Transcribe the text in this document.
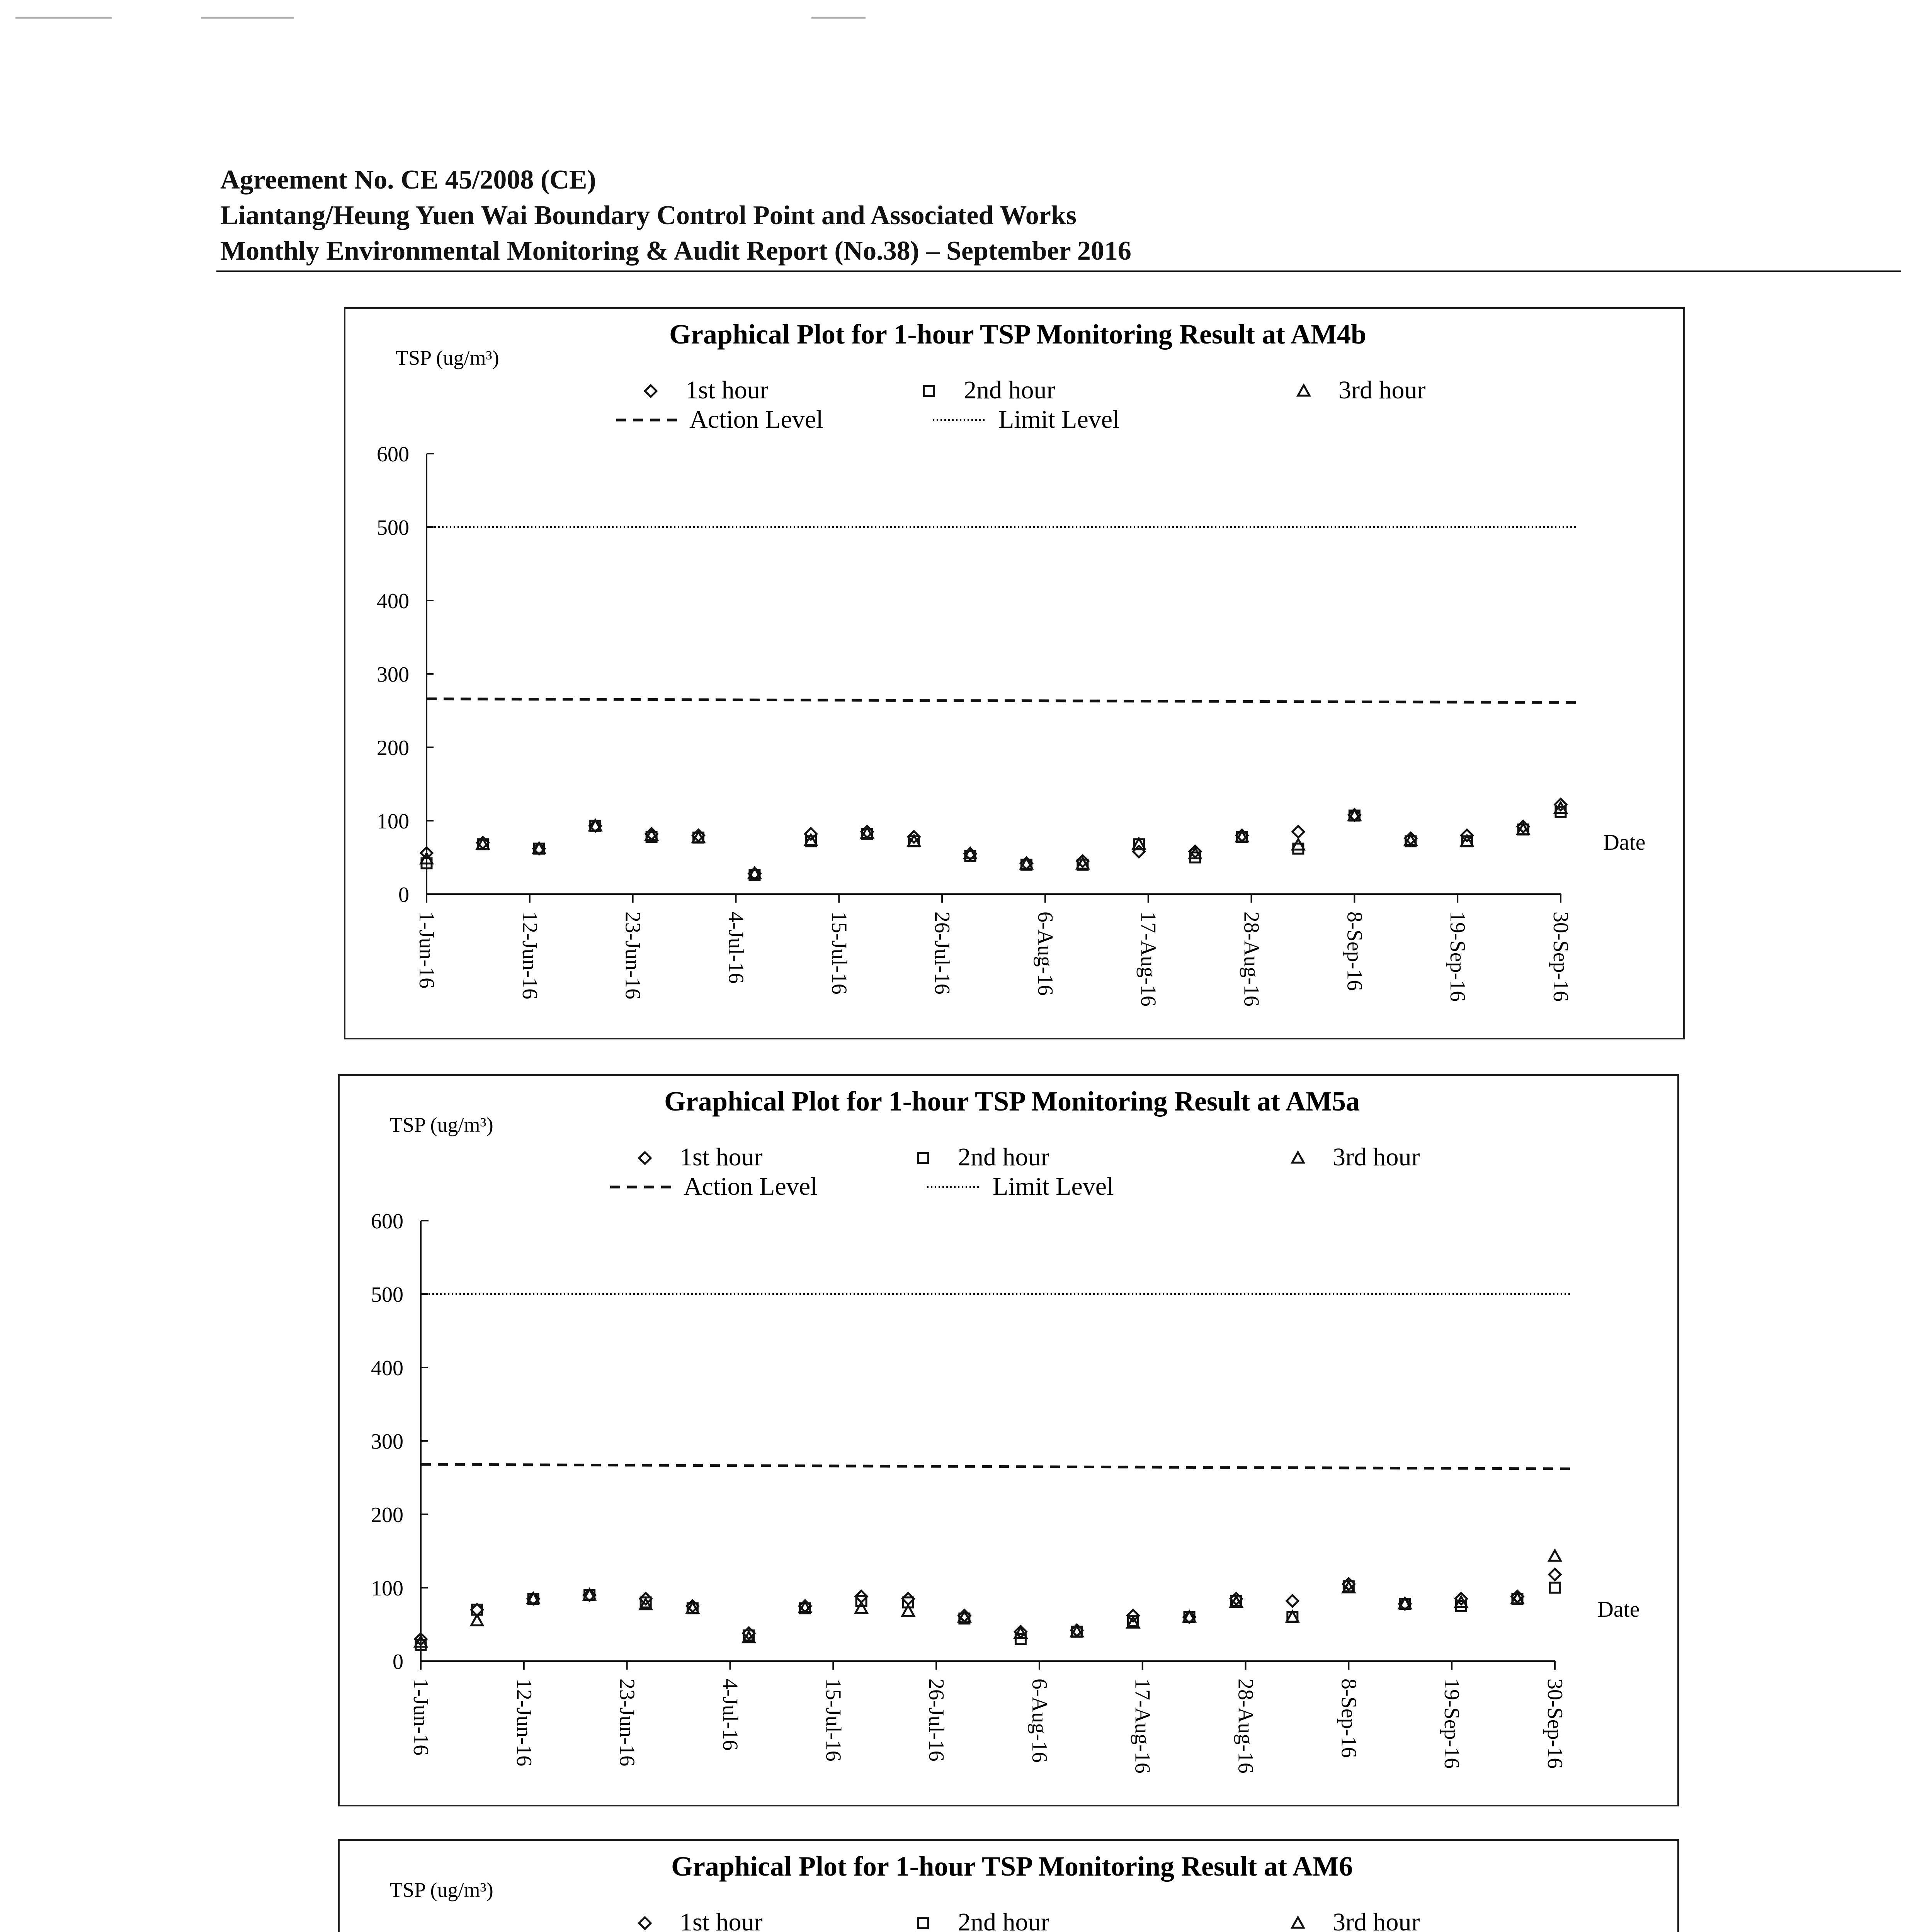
Agreement No. CE 45/2008 (CE)
Liantang/Heung Yuen Wai Boundary Control Point and Associated Works
Monthly Environmental Monitoring & Audit Report (No.38) – September 2016
Graphical Plot for 1-hour TSP Monitoring Result at AM4b
TSP (ug/m³)
1st hour	2nd hour	3rd hour
Action Level	Limit Level
0
100
200
300
400
500
600
1-Jun-16	12-Jun-16	23-Jun-16	4-Jul-16	15-Jul-16	26-Jul-16	6-Aug-16	17-Aug-16	28-Aug-16	8-Sep-16	19-Sep-16	30-Sep-16
Date
Graphical Plot for 1-hour TSP Monitoring Result at AM5a
TSP (ug/m³)
1st hour	2nd hour	3rd hour
Action Level	Limit Level
0
100
200
300
400
500
600
1-Jun-16	12-Jun-16	23-Jun-16	4-Jul-16	15-Jul-16	26-Jul-16	6-Aug-16	17-Aug-16	28-Aug-16	8-Sep-16	19-Sep-16	30-Sep-16
Date
Graphical Plot for 1-hour TSP Monitoring Result at AM6
TSP (ug/m³)
1st hour	2nd hour	3rd hour
